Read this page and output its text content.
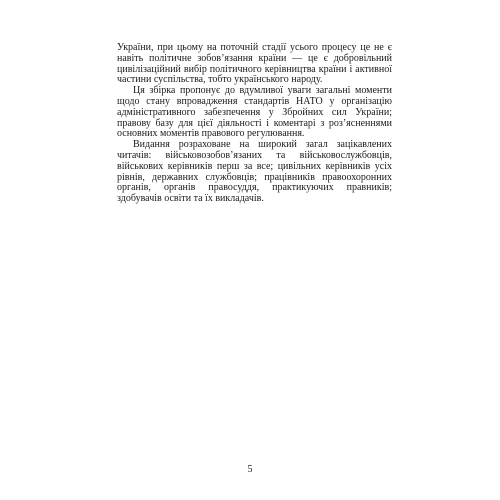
України, при цьому на поточній стадії усього процесу це не є навіть політичне зобов’язання країни — це є добровільний цивілізаційний вибір політичного керівництва країни і активної частини суспільства, тобто українського народу.

Ця збірка пропонує до вдумливої уваги загальні моменти щодо стану впровадження стандартів НАТО у організацію адміністративного забезпечення у Збройних сил України; правову базу для цієї діяльності і коментарі з роз’ясненнями основних моментів правового регулювання.

Видання розраховане на широкий загал зацікавлених читачів: військовозобов’язаних та військовослужбовців, військових керівників перш за все; цивільних керівників усіх рівнів, державних службовців; працівників правоохоронних органів, органів правосуддя, практикуючих правників; здобувачів освіти та їх викладачів.

5
